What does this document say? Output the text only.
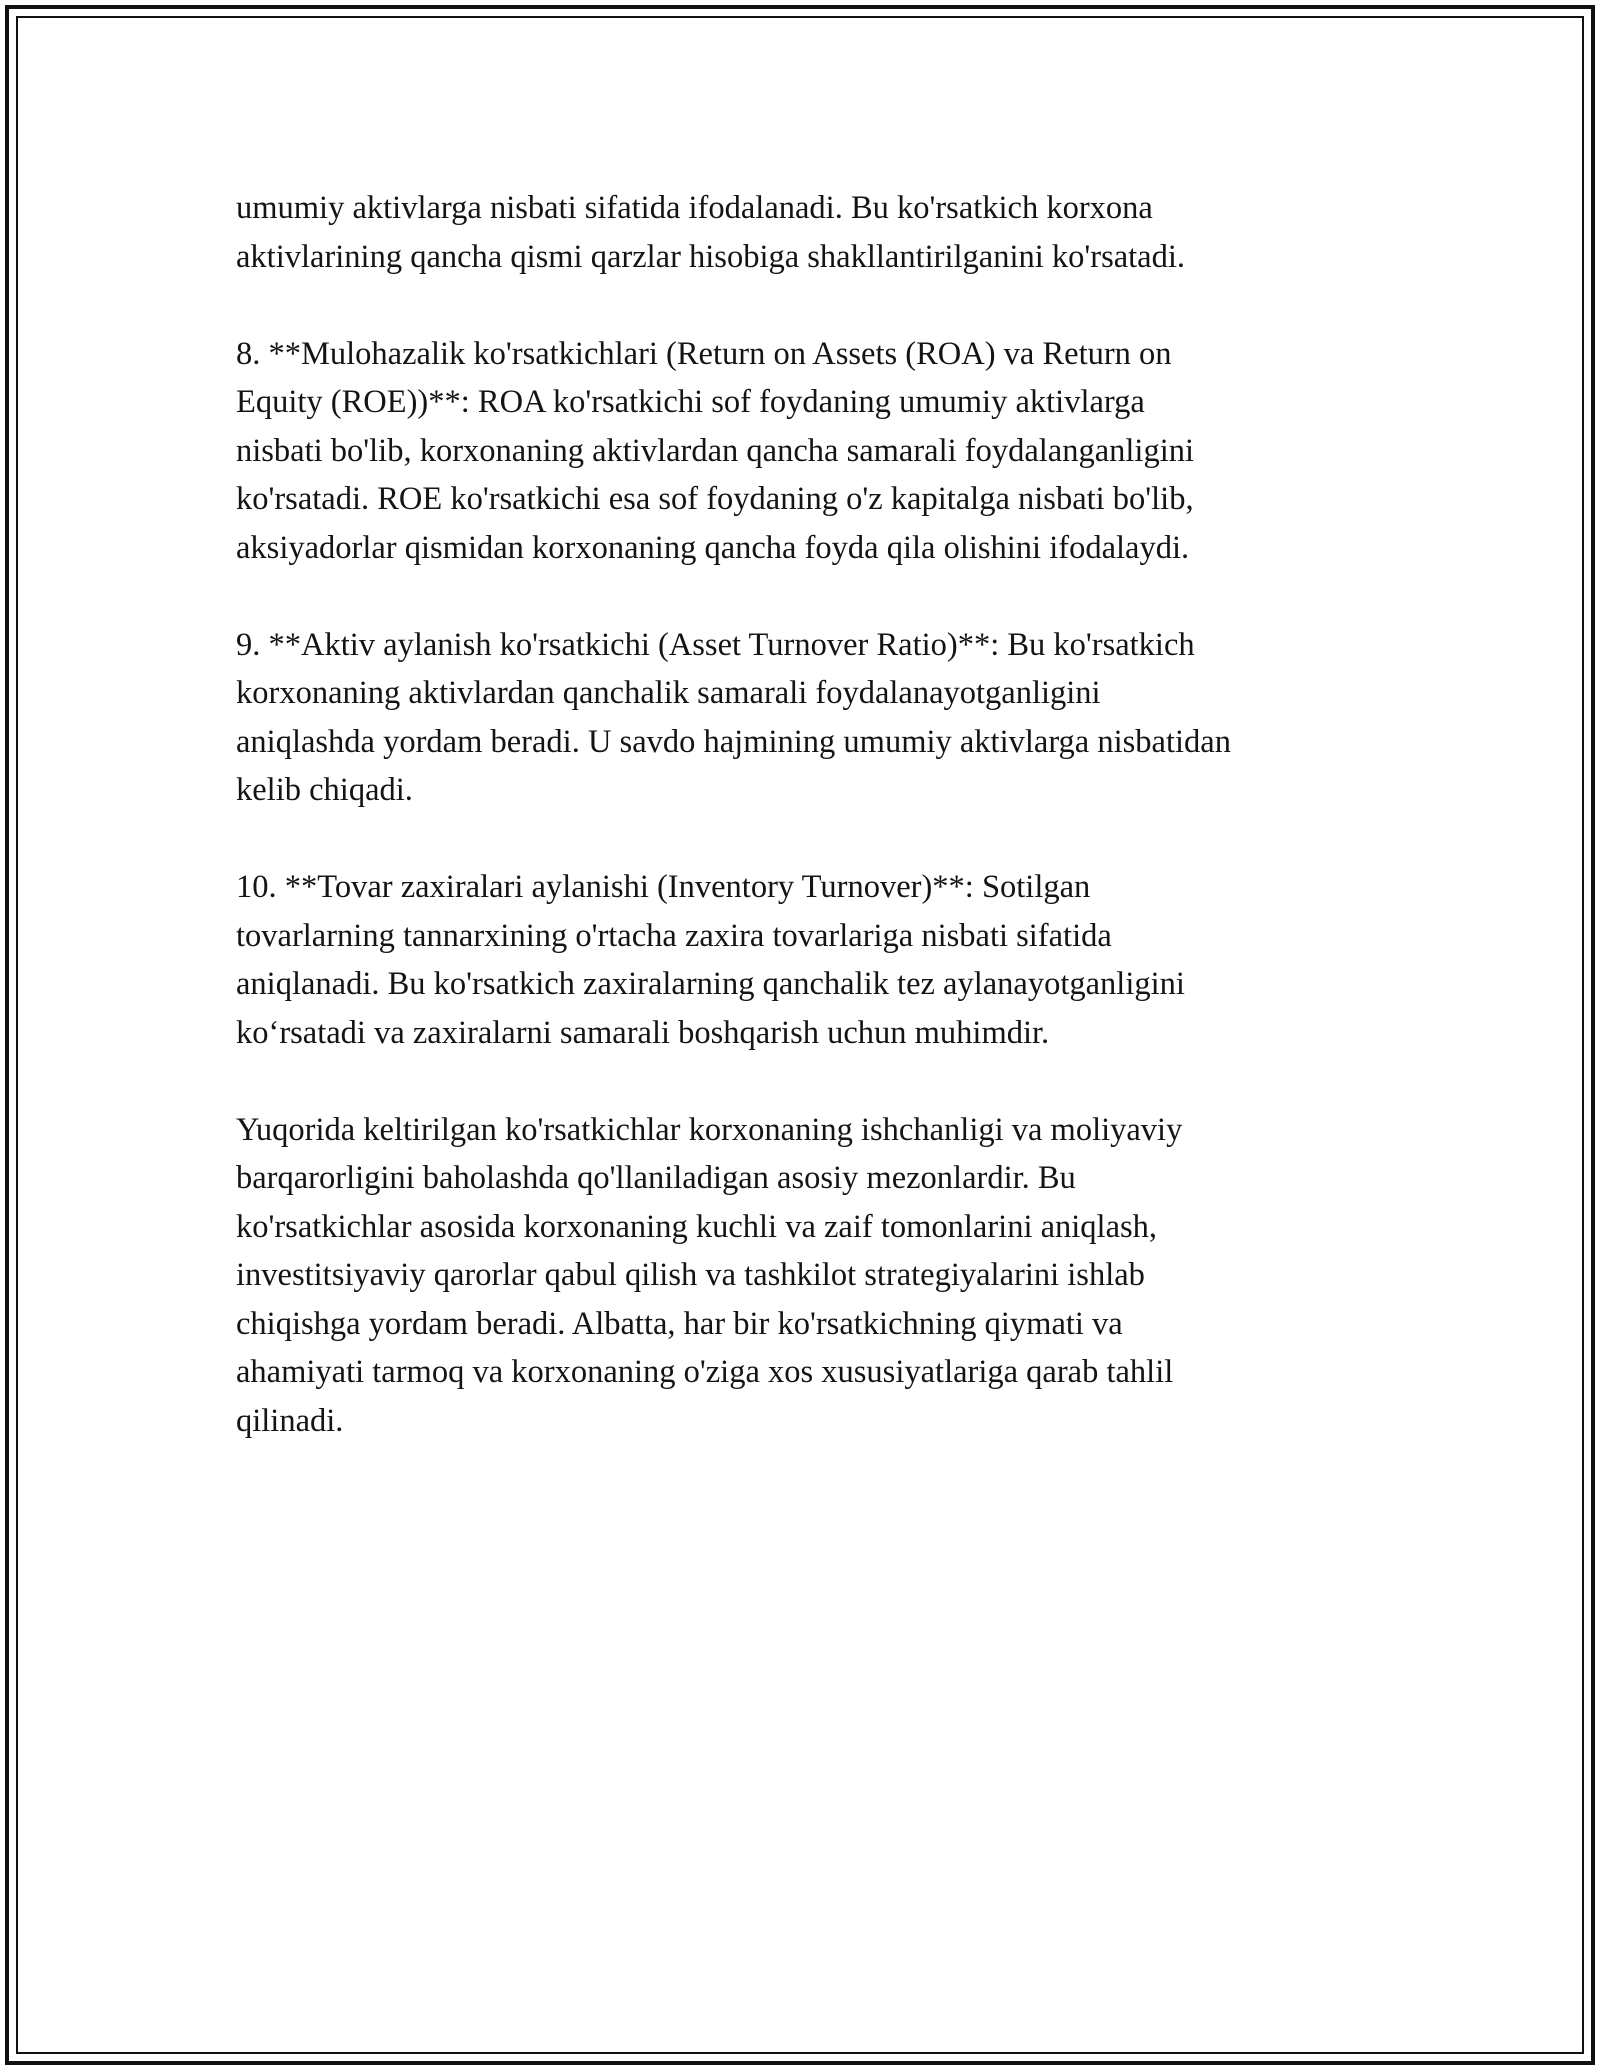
umumiy aktivlarga nisbati sifatida ifodalanadi. Bu ko'rsatkich korxona
aktivlarining qancha qismi qarzlar hisobiga shakllantirilganini ko'rsatadi.

8. **Mulohazalik ko'rsatkichlari (Return on Assets (ROA) va Return on
Equity (ROE))**: ROA ko'rsatkichi sof foydaning umumiy aktivlarga
nisbati bo'lib, korxonaning aktivlardan qancha samarali foydalanganligini
ko'rsatadi. ROE ko'rsatkichi esa sof foydaning o'z kapitalga nisbati bo'lib,
aksiyadorlar qismidan korxonaning qancha foyda qila olishini ifodalaydi.

9. **Aktiv aylanish ko'rsatkichi (Asset Turnover Ratio)**: Bu ko'rsatkich
korxonaning aktivlardan qanchalik samarali foydalanayotganligini
aniqlashda yordam beradi. U savdo hajmining umumiy aktivlarga nisbatidan
kelib chiqadi.

10. **Tovar zaxiralari aylanishi (Inventory Turnover)**: Sotilgan
tovarlarning tannarxining o'rtacha zaxira tovarlariga nisbati sifatida
aniqlanadi. Bu ko'rsatkich zaxiralarning qanchalik tez aylanayotganligini
ko‘rsatadi va zaxiralarni samarali boshqarish uchun muhimdir.

Yuqorida keltirilgan ko'rsatkichlar korxonaning ishchanligi va moliyaviy
barqarorligini baholashda qo'llaniladigan asosiy mezonlardir. Bu
ko'rsatkichlar asosida korxonaning kuchli va zaif tomonlarini aniqlash,
investitsiyaviy qarorlar qabul qilish va tashkilot strategiyalarini ishlab
chiqishga yordam beradi. Albatta, har bir ko'rsatkichning qiymati va
ahamiyati tarmoq va korxonaning o'ziga xos xususiyatlariga qarab tahlil
qilinadi.
